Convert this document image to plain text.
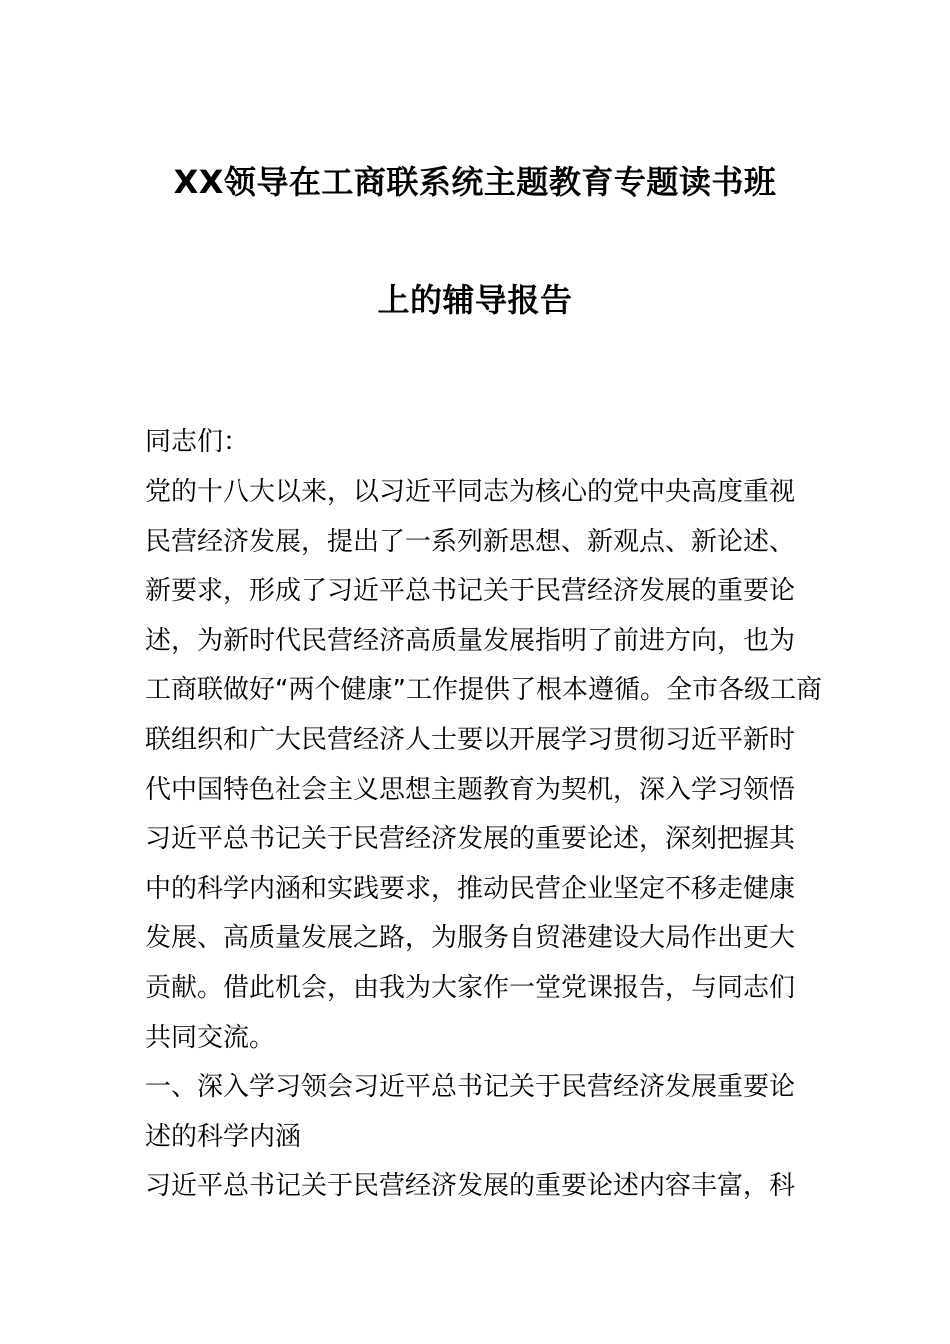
XX领导在工商联系统主题教育专题读书班
上的辅导报告
同志们：
党的十八大以来，以习近平同志为核心的党中央高度重视
民营经济发展，提出了一系列新思想、新观点、新论述、
新要求，形成了习近平总书记关于民营经济发展的重要论
述，为新时代民营经济高质量发展指明了前进方向，也为
工商联做好“两个健康”工作提供了根本遵循。全市各级工商
联组织和广大民营经济人士要以开展学习贯彻习近平新时
代中国特色社会主义思想主题教育为契机，深入学习领悟
习近平总书记关于民营经济发展的重要论述，深刻把握其
中的科学内涵和实践要求，推动民营企业坚定不移走健康
发展、高质量发展之路，为服务自贸港建设大局作出更大
贡献。借此机会，由我为大家作一堂党课报告，与同志们
共同交流。
一、深入学习领会习近平总书记关于民营经济发展重要论
述的科学内涵
习近平总书记关于民营经济发展的重要论述内容丰富，科
